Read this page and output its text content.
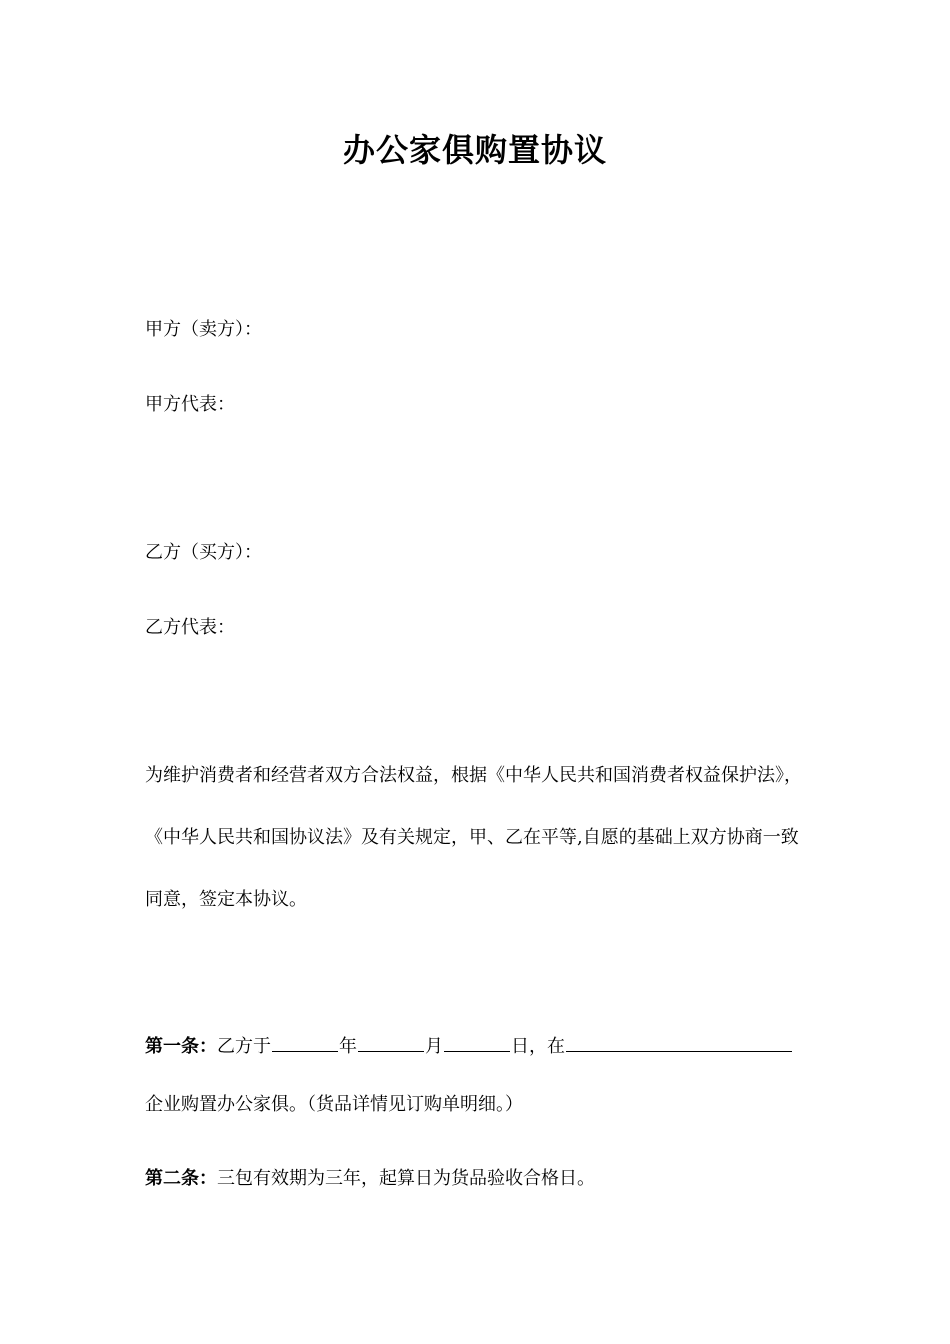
办公家俱购置协议
甲方（卖方）：
甲方代表：
乙方（买方）：
乙方代表：
为维护消费者和经营者双方合法权益，根据《中华人民共和国消费者权益保护法》，《中华人民共和国协议法》及有关规定，甲、乙在平等,自愿的基础上双方协商一致同意，签定本协议。
第一条：乙方于	年	月	日，在
企业购置办公家俱。（货品详情见订购单明细。）
第二条：三包有效期为三年，起算日为货品验收合格日。
